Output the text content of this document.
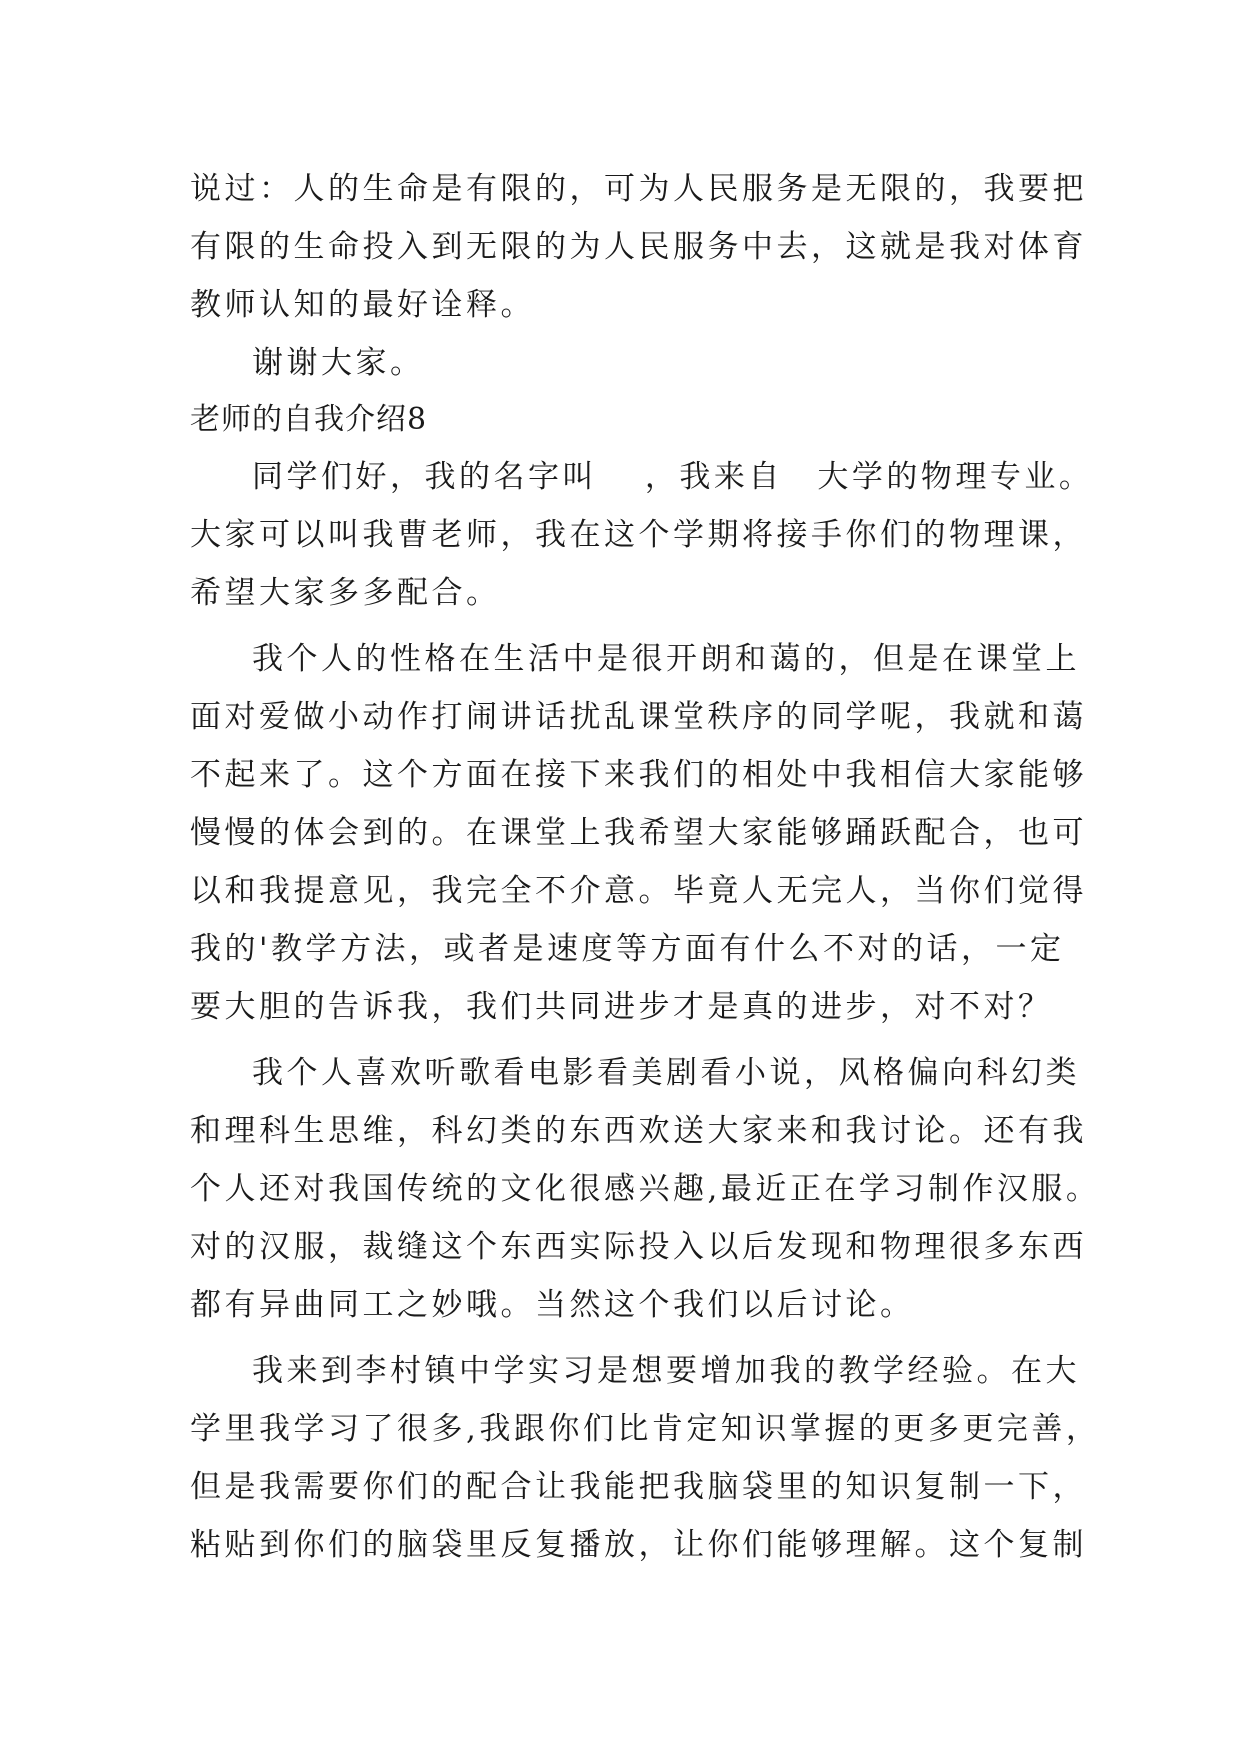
说过：人的生命是有限的，可为人民服务是无限的，我要把
有限的生命投入到无限的为人民服务中去，这就是我对体育
教师认知的最好诠释。
谢谢大家。
老师的自我介绍8
同学们好，我的名字叫　 ，我来自　大学的物理专业。
大家可以叫我曹老师，我在这个学期将接手你们的物理课，
希望大家多多配合。
我个人的性格在生活中是很开朗和蔼的，但是在课堂上
面对爱做小动作打闹讲话扰乱课堂秩序的同学呢，我就和蔼
不起来了。这个方面在接下来我们的相处中我相信大家能够
慢慢的体会到的。在课堂上我希望大家能够踊跃配合，也可
以和我提意见，我完全不介意。毕竟人无完人，当你们觉得
我的'教学方法，或者是速度等方面有什么不对的话，一定
要大胆的告诉我，我们共同进步才是真的进步，对不对？
我个人喜欢听歌看电影看美剧看小说，风格偏向科幻类
和理科生思维，科幻类的东西欢送大家来和我讨论。还有我
个人还对我国传统的文化很感兴趣,最近正在学习制作汉服。
对的汉服，裁缝这个东西实际投入以后发现和物理很多东西
都有异曲同工之妙哦。当然这个我们以后讨论。
我来到李村镇中学实习是想要增加我的教学经验。在大
学里我学习了很多,我跟你们比肯定知识掌握的更多更完善，
但是我需要你们的配合让我能把我脑袋里的知识复制一下，
粘贴到你们的脑袋里反复播放，让你们能够理解。这个复制
